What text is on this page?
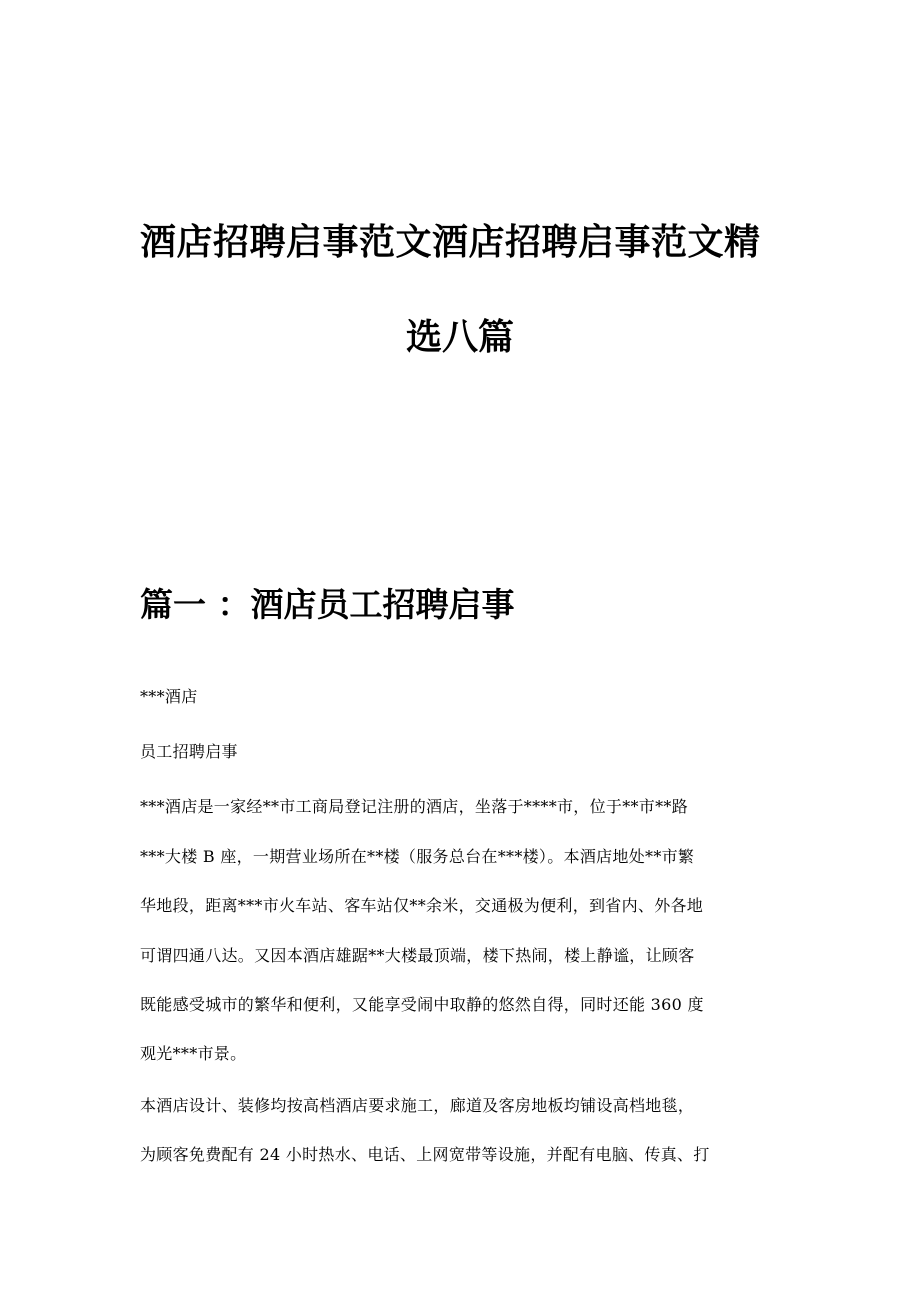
酒店招聘启事范文酒店招聘启事范文精
选八篇
篇一 ：酒店员工招聘启事

***酒店

员工招聘启事

***酒店是一家经**市工商局登记注册的酒店，坐落于****市，位于**市**路

***大楼 B 座，一期营业场所在**楼（服务总台在***楼）。本酒店地处**市繁

华地段，距离***市火车站、客车站仅**余米，交通极为便利，到省内、外各地

可谓四通八达。又因本酒店雄踞**大楼最顶端，楼下热闹，楼上静谧，让顾客

既能感受城市的繁华和便利，又能享受闹中取静的悠然自得，同时还能 360 度

观光***市景。

本酒店设计、装修均按高档酒店要求施工，廊道及客房地板均铺设高档地毯，

为顾客免费配有 24 小时热水、电话、上网宽带等设施，并配有电脑、传真、打
